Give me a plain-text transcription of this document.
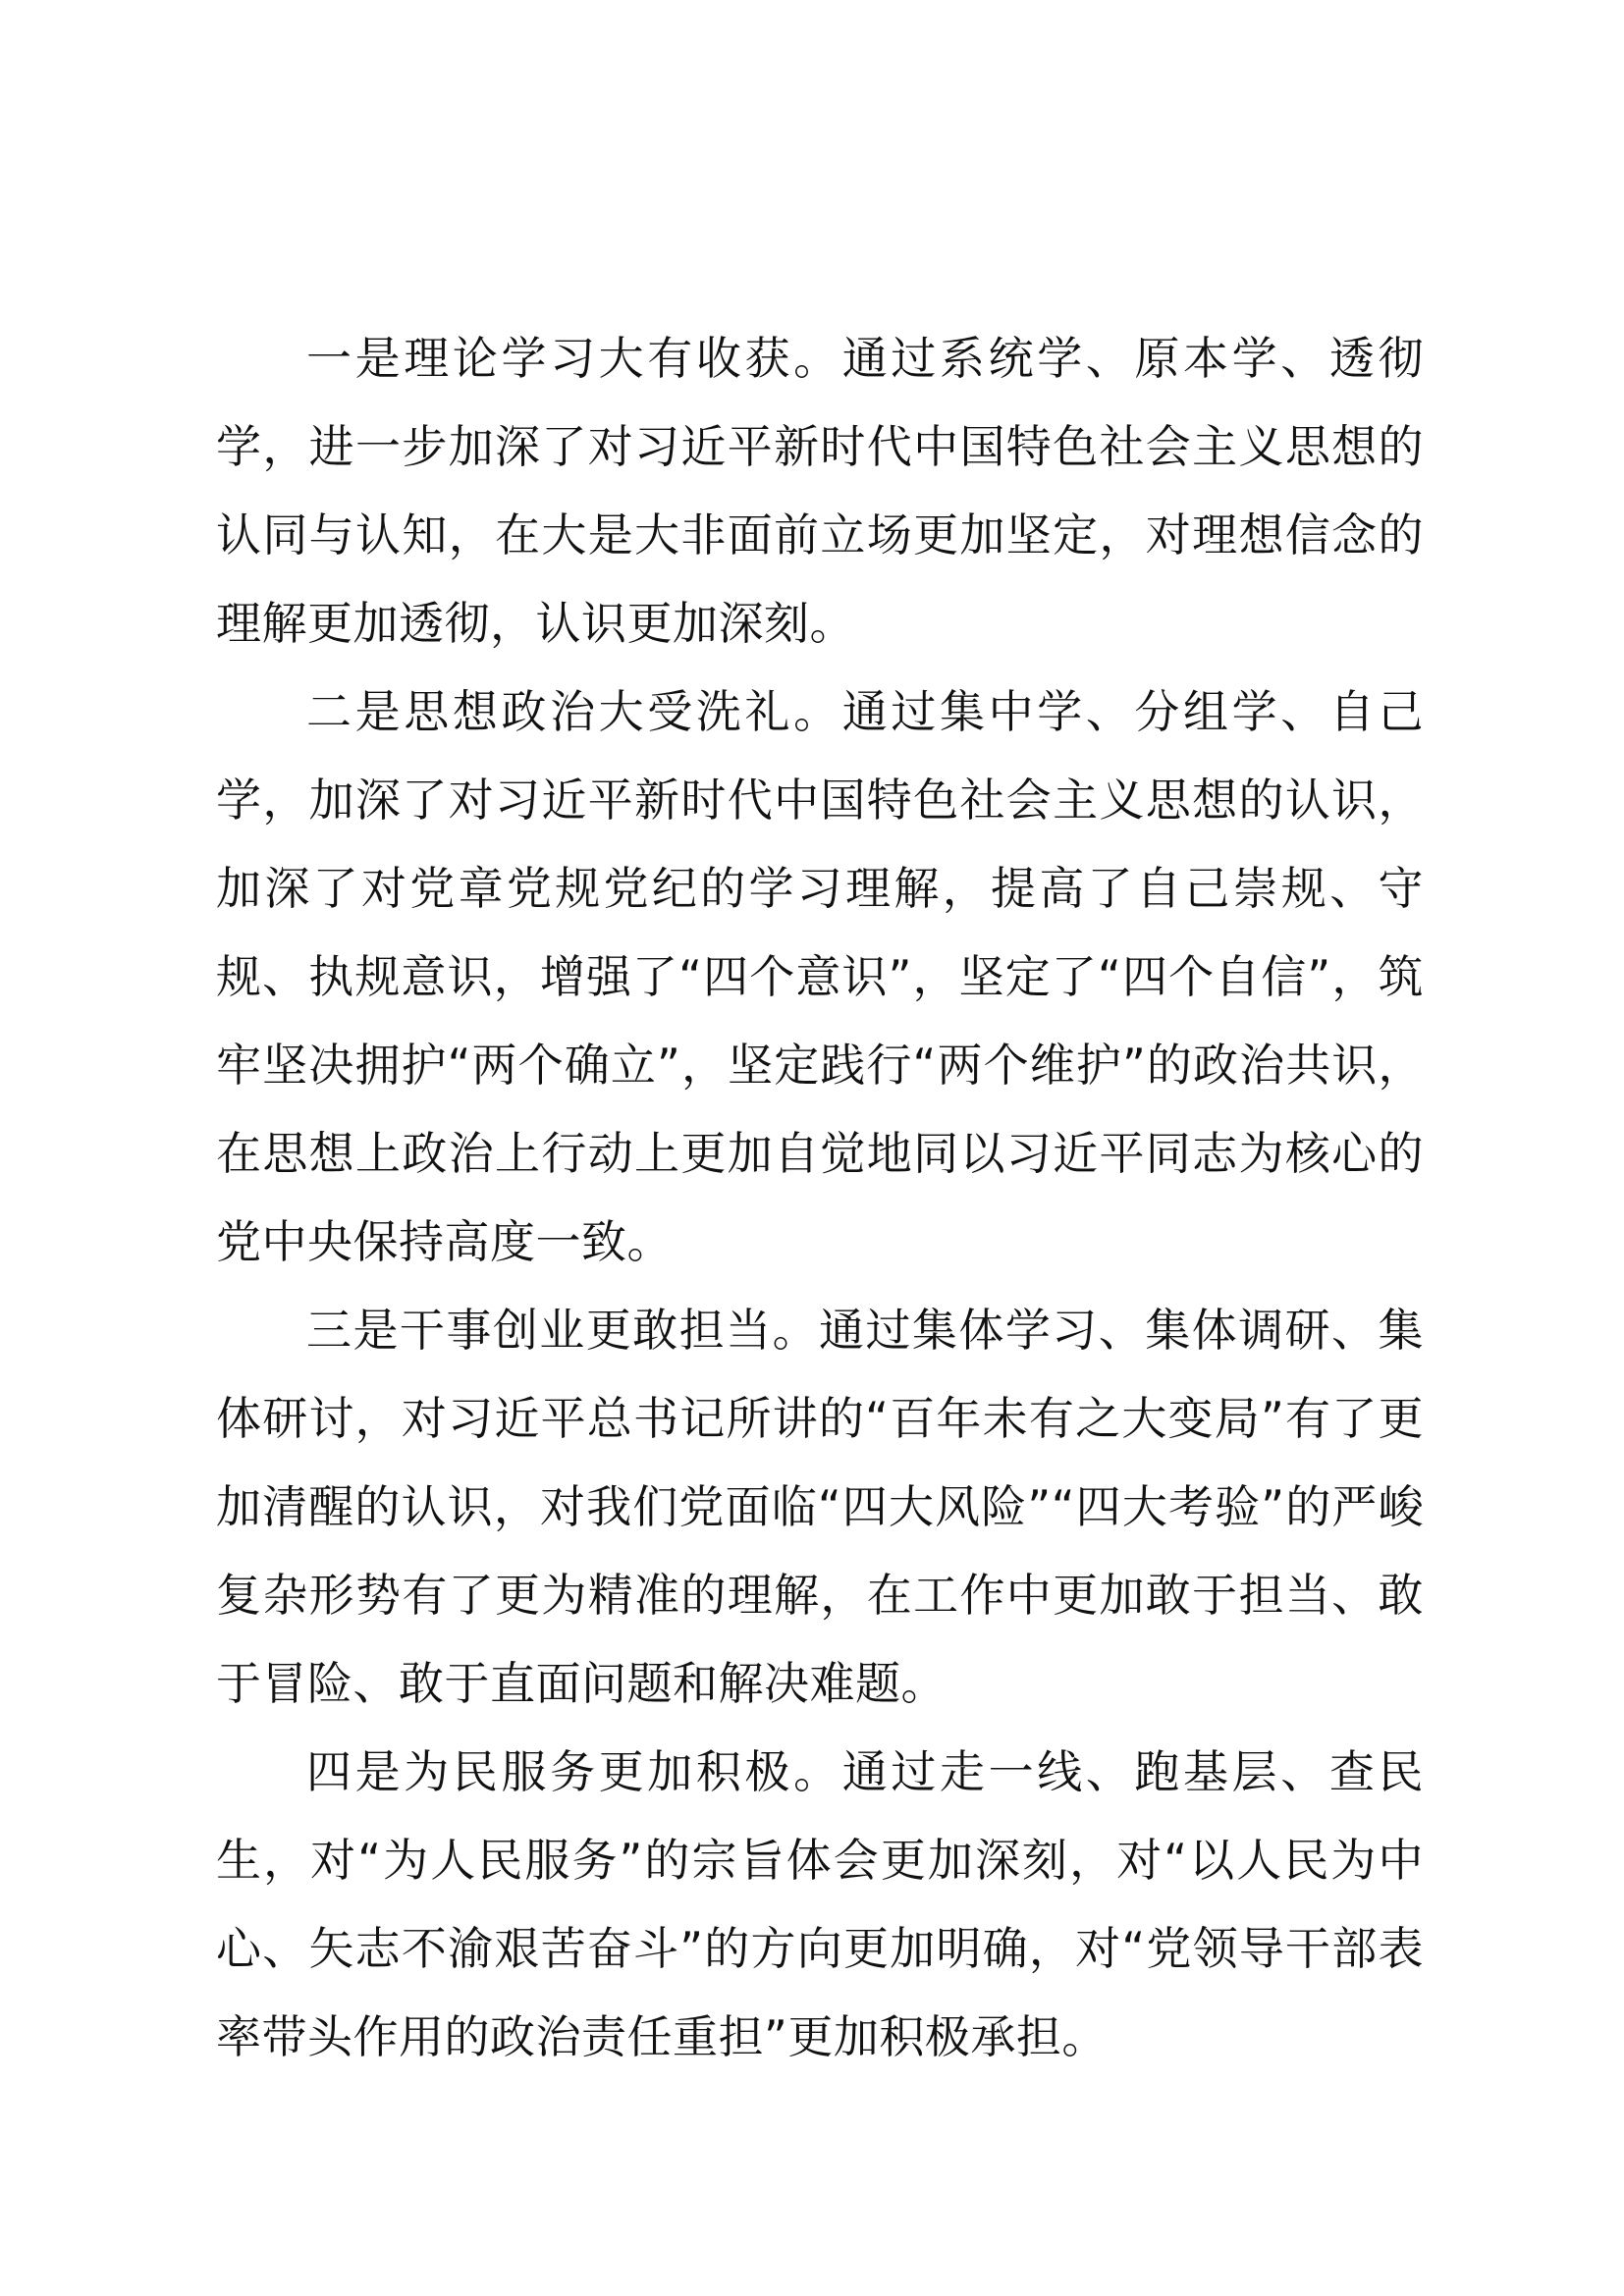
一是理论学习大有收获。通过系统学、原本学、透彻学，进一步加深了对习近平新时代中国特色社会主义思想的认同与认知，在大是大非面前立场更加坚定，对理想信念的理解更加透彻，认识更加深刻。

二是思想政治大受洗礼。通过集中学、分组学、自己学，加深了对习近平新时代中国特色社会主义思想的认识，加深了对党章党规党纪的学习理解，提高了自己崇规、守规、执规意识，增强了“四个意识”，坚定了“四个自信”，筑牢坚决拥护“两个确立”，坚定践行“两个维护”的政治共识，在思想上政治上行动上更加自觉地同以习近平同志为核心的党中央保持高度一致。

三是干事创业更敢担当。通过集体学习、集体调研、集体研讨，对习近平总书记所讲的“百年未有之大变局”有了更加清醒的认识，对我们党面临“四大风险”“四大考验”的严峻复杂形势有了更为精准的理解，在工作中更加敢于担当、敢于冒险、敢于直面问题和解决难题。

四是为民服务更加积极。通过走一线、跑基层、查民生，对“为人民服务”的宗旨体会更加深刻，对“以人民为中心、矢志不渝艰苦奋斗”的方向更加明确，对“党领导干部表率带头作用的政治责任重担”更加积极承担。
